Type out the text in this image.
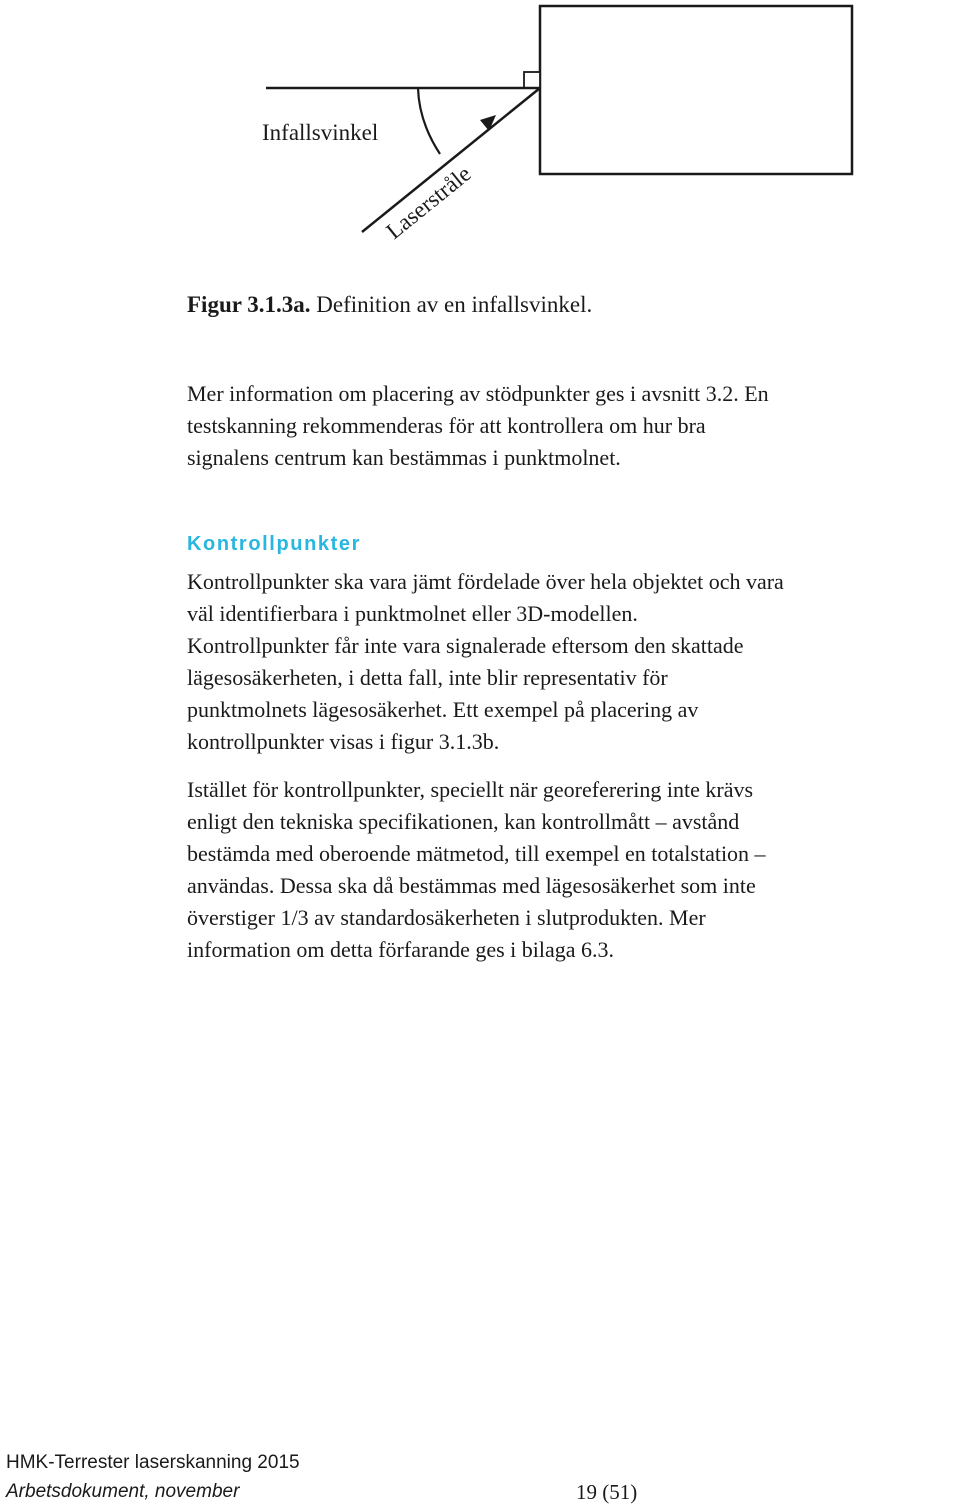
Infallsvinkel
Laserstråle
Figur 3.1.3a. Definition av en infallsvinkel.
Mer information om placering av stödpunkter ges i avsnitt 3.2. En
testskanning rekommenderas för att kontrollera om hur bra
signalens centrum kan bestämmas i punktmolnet.
Kontrollpunkter
Kontrollpunkter ska vara jämt fördelade över hela objektet och vara
väl identifierbara i punktmolnet eller 3D-modellen.
Kontrollpunkter får inte vara signalerade eftersom den skattade
lägesosäkerheten, i detta fall, inte blir representativ för
punktmolnets lägesosäkerhet. Ett exempel på placering av
kontrollpunkter visas i figur 3.1.3b.
Istället för kontrollpunkter, speciellt när georeferering inte krävs
enligt den tekniska specifikationen, kan kontrollmått – avstånd
bestämda med oberoende mätmetod, till exempel en totalstation –
användas. Dessa ska då bestämmas med lägesosäkerhet som inte
överstiger 1/3 av standardosäkerheten i slutprodukten. Mer
information om detta förfarande ges i bilaga 6.3.
HMK-Terrester laserskanning 2015
Arbetsdokument, november	19 (51)
